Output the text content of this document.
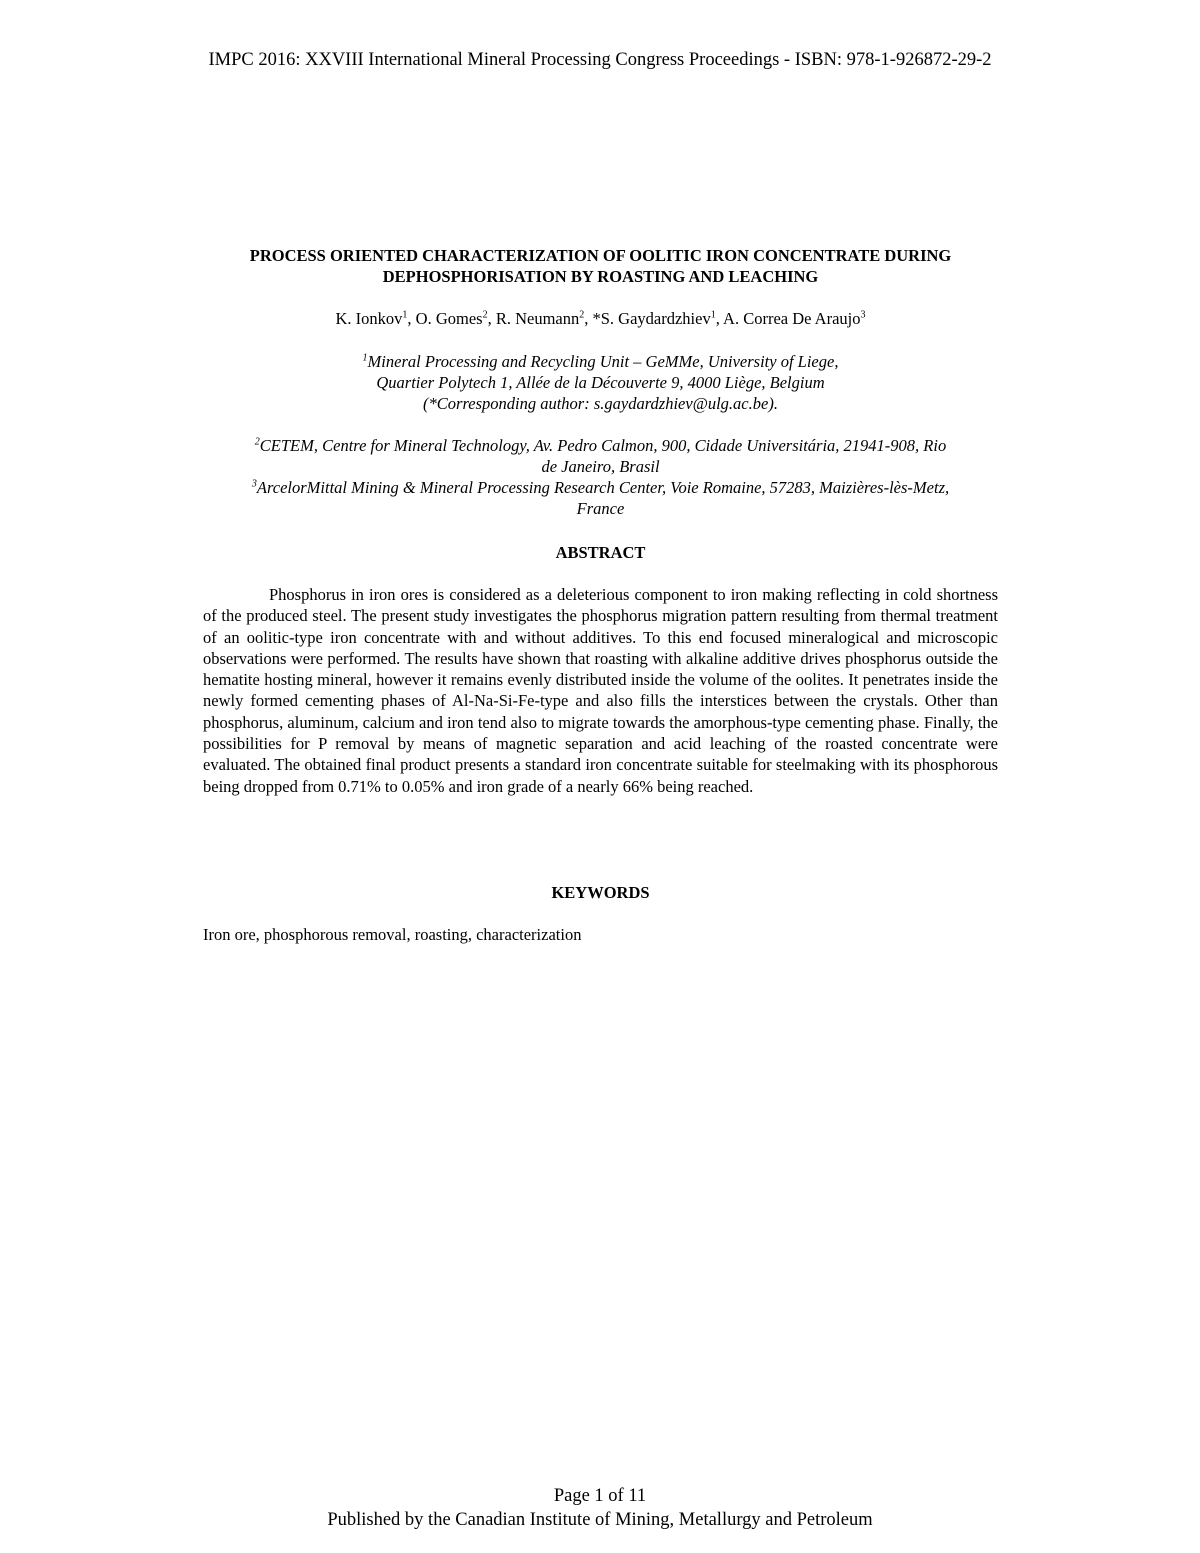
IMPC 2016: XXVIII International Mineral Processing Congress Proceedings - ISBN: 978-1-926872-29-2
PROCESS ORIENTED CHARACTERIZATION OF OOLITIC IRON CONCENTRATE DURING
DEPHOSPHORISATION BY ROASTING AND LEACHING
K. Ionkov$^1$, O. Gomes$^2$, R. Neumann$^2$, *S. Gaydardzhiev$^1$, A. Correa De Araujo$^3$
$^1$Mineral Processing and Recycling Unit – GeMMe, University of Liege,
Quartier Polytech 1, Allée de la Découverte 9, 4000 Liège, Belgium
(*Corresponding author: s.gaydardzhiev@ulg.ac.be).
$^2$CETEM, Centre for Mineral Technology, Av. Pedro Calmon, 900, Cidade Universitária, 21941-908, Rio
de Janeiro, Brasil
$^3$ArcelorMittal Mining & Mineral Processing Research Center, Voie Romaine, 57283, Maizières-lès-Metz,
France
ABSTRACT
Phosphorus in iron ores is considered as a deleterious component to iron making reflecting in cold shortness of the produced steel. The present study investigates the phosphorus migration pattern resulting from thermal treatment of an oolitic-type iron concentrate with and without additives. To this end focused mineralogical and microscopic observations were performed. The results have shown that roasting with alkaline additive drives phosphorus outside the hematite hosting mineral, however it remains evenly distributed inside the volume of the oolites. It penetrates inside the newly formed cementing phases of Al-Na-Si-Fe-type and also fills the interstices between the crystals. Other than phosphorus, aluminum, calcium and iron tend also to migrate towards the amorphous-type cementing phase. Finally, the possibilities for P removal by means of magnetic separation and acid leaching of the roasted concentrate were evaluated. The obtained final product presents a standard iron concentrate suitable for steelmaking with its phosphorous being dropped from 0.71% to 0.05% and iron grade of a nearly 66% being reached.
KEYWORDS
Iron ore, phosphorous removal, roasting, characterization
Page 1 of 11
Published by the Canadian Institute of Mining, Metallurgy and Petroleum
